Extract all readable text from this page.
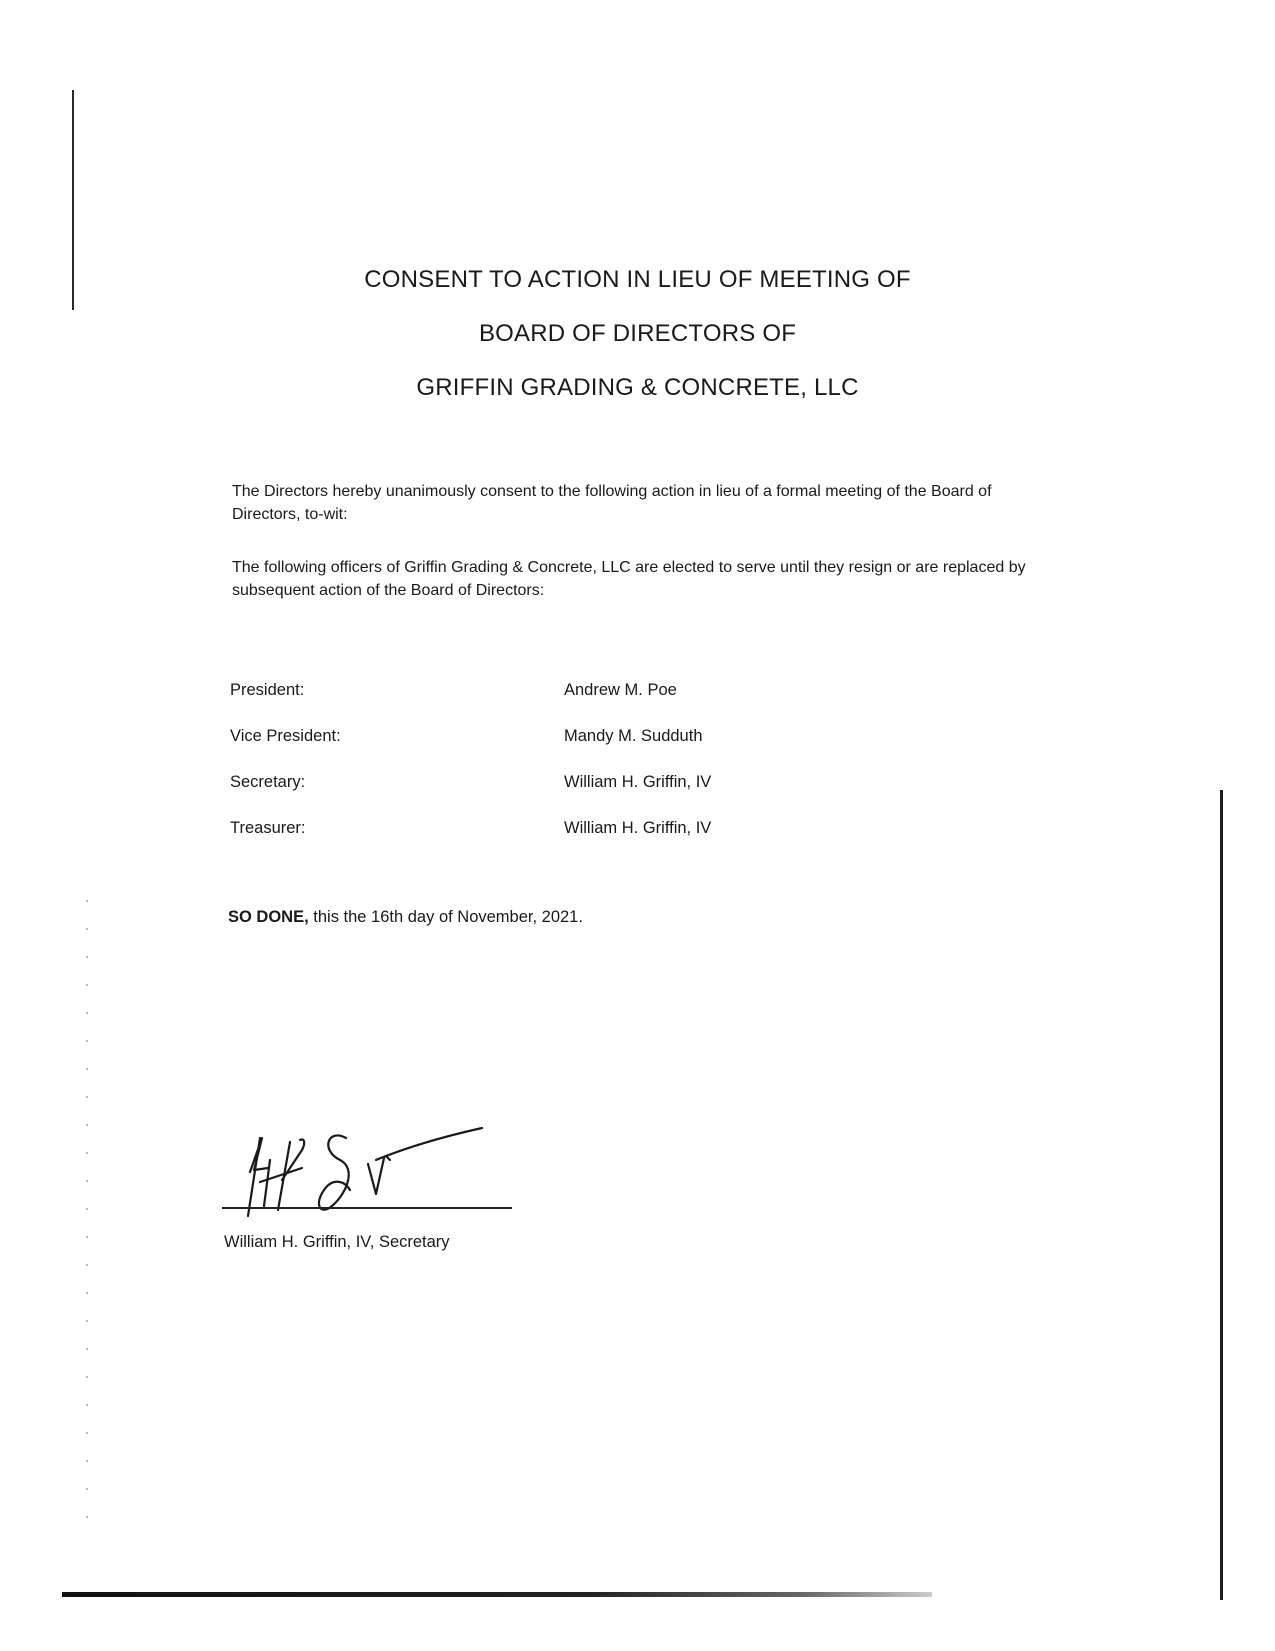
CONSENT TO ACTION IN LIEU OF MEETING OF
BOARD OF DIRECTORS OF
GRIFFIN GRADING & CONCRETE, LLC
The Directors hereby unanimously consent to the following action in lieu of a formal meeting of the Board of Directors, to-wit:
The following officers of Griffin Grading & Concrete, LLC are elected to serve until they resign or are replaced by subsequent action of the Board of Directors:
President:	Andrew M. Poe
Vice President:	Mandy M. Sudduth
Secretary:	William H. Griffin, IV
Treasurer:	William H. Griffin, IV
SO DONE, this the 16th day of November, 2021.
William H. Griffin, IV, Secretary
